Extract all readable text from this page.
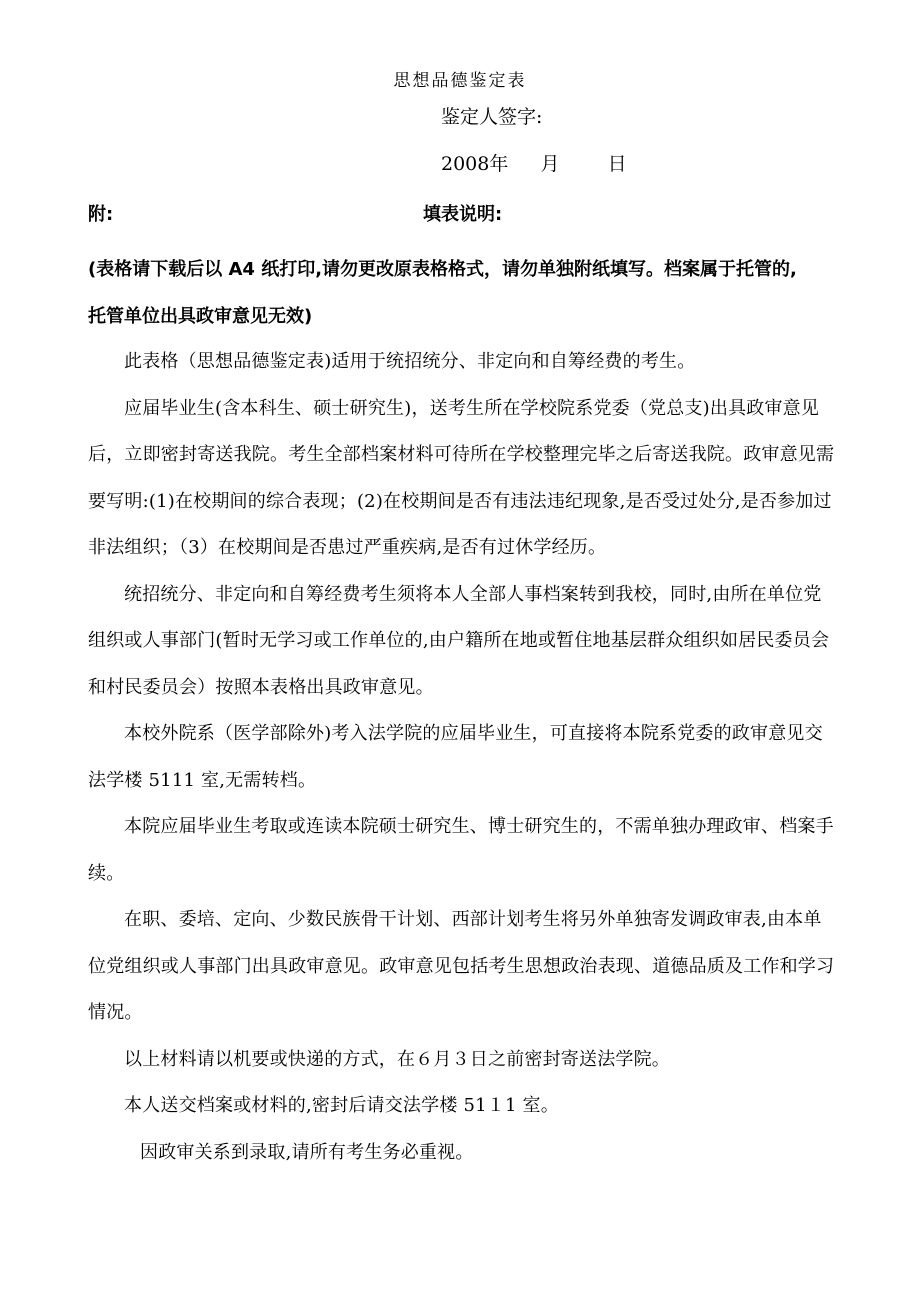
思想品德鉴定表
鉴定人签字:
2008年 月	日
附:	填表说明:

(表格请下载后以 A4 纸打印,请勿更改原表格格式，请勿单独附纸填写。档案属于托管的,

托管单位出具政审意见无效)

此表格（思想品德鉴定表)适用于统招统分、非定向和自筹经费的考生。

应届毕业生(含本科生、硕士研究生)，送考生所在学校院系党委（党总支)出具政审意见后，立即密封寄送我院。考生全部档案材料可待所在学校整理完毕之后寄送我院。政审意见需要写明:(1)在校期间的综合表现；(2)在校期间是否有违法违纪现象,是否受过处分,是否参加过非法组织；（3）在校期间是否患过严重疾病,是否有过休学经历。

统招统分、非定向和自筹经费考生须将本人全部人事档案转到我校，同时,由所在单位党组织或人事部门(暂时无学习或工作单位的,由户籍所在地或暂住地基层群众组织如居民委员会和村民委员会）按照本表格出具政审意见。

本校外院系（医学部除外)考入法学院的应届毕业生，可直接将本院系党委的政审意见交法学楼 5111 室,无需转档。

本院应届毕业生考取或连读本院硕士研究生、博士研究生的，不需单独办理政审、档案手续。

在职、委培、定向、少数民族骨干计划、西部计划考生将另外单独寄发调政审表,由本单位党组织或人事部门出具政审意见。政审意见包括考生思想政治表现、道德品质及工作和学习情况。

以上材料请以机要或快递的方式，在６月３日之前密封寄送法学院。

本人送交档案或材料的,密封后请交法学楼 51１1 室。

因政审关系到录取,请所有考生务必重视。
